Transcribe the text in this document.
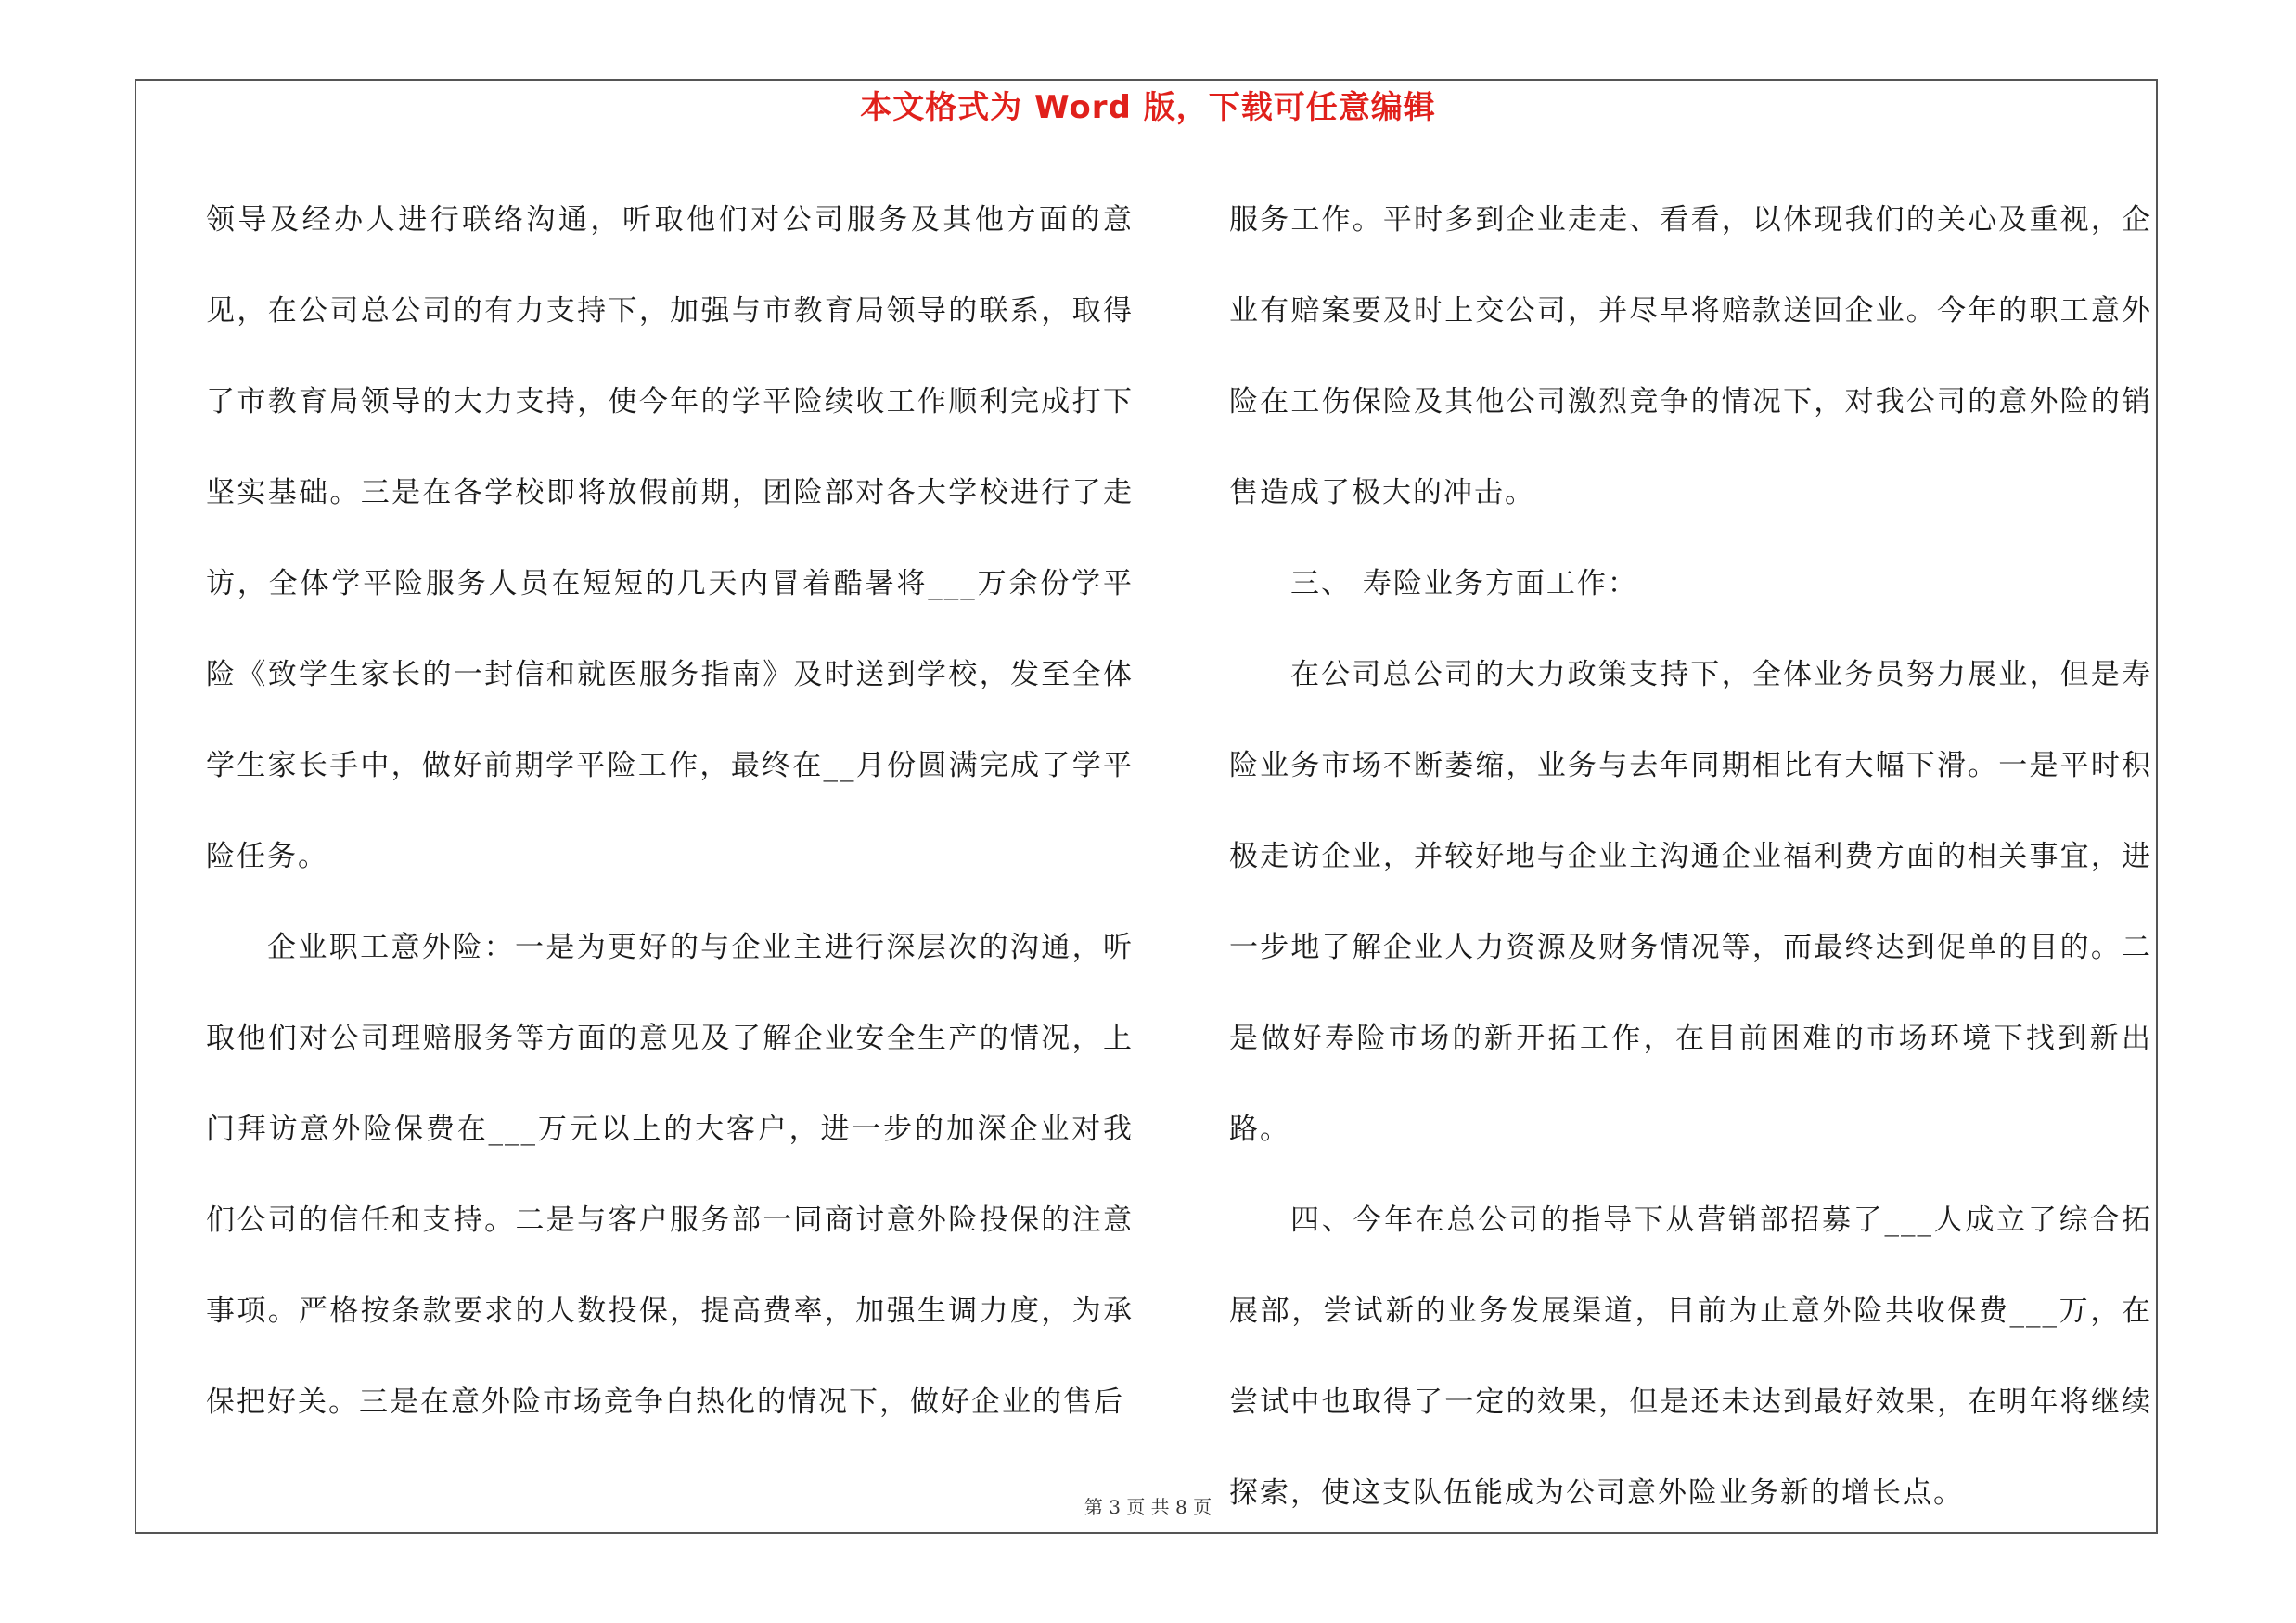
本文格式为 Word 版，下载可任意编辑

领导及经办人进行联络沟通，听取他们对公司服务及其他方面的意见，在公司总公司的有力支持下，加强与市教育局领导的联系，取得了市教育局领导的大力支持，使今年的学平险续收工作顺利完成打下坚实基础。三是在各学校即将放假前期，团险部对各大学校进行了走访，全体学平险服务人员在短短的几天内冒着酷暑将___万余份学平险《致学生家长的一封信和就医服务指南》及时送到学校，发至全体学生家长手中，做好前期学平险工作，最终在__月份圆满完成了学平险任务。

企业职工意外险：一是为更好的与企业主进行深层次的沟通，听取他们对公司理赔服务等方面的意见及了解企业安全生产的情况，上门拜访意外险保费在___万元以上的大客户，进一步的加深企业对我们公司的信任和支持。二是与客户服务部一同商讨意外险投保的注意事项。严格按条款要求的人数投保，提高费率，加强生调力度，为承保把好关。三是在意外险市场竞争白热化的情况下，做好企业的售后

服务工作。平时多到企业走走、看看，以体现我们的关心及重视，企业有赔案要及时上交公司，并尽早将赔款送回企业。今年的职工意外险在工伤保险及其他公司激烈竞争的情况下，对我公司的意外险的销售造成了极大的冲击。

三、 寿险业务方面工作：

在公司总公司的大力政策支持下，全体业务员努力展业，但是寿险业务市场不断萎缩，业务与去年同期相比有大幅下滑。一是平时积极走访企业，并较好地与企业主沟通企业福利费方面的相关事宜，进一步地了解企业人力资源及财务情况等，而最终达到促单的目的。二是做好寿险市场的新开拓工作，在目前困难的市场环境下找到新出路。

四、今年在总公司的指导下从营销部招募了___人成立了综合拓展部，尝试新的业务发展渠道，目前为止意外险共收保费___万，在尝试中也取得了一定的效果，但是还未达到最好效果，在明年将继续探索，使这支队伍能成为公司意外险业务新的增长点。

第 3 页 共 8 页
